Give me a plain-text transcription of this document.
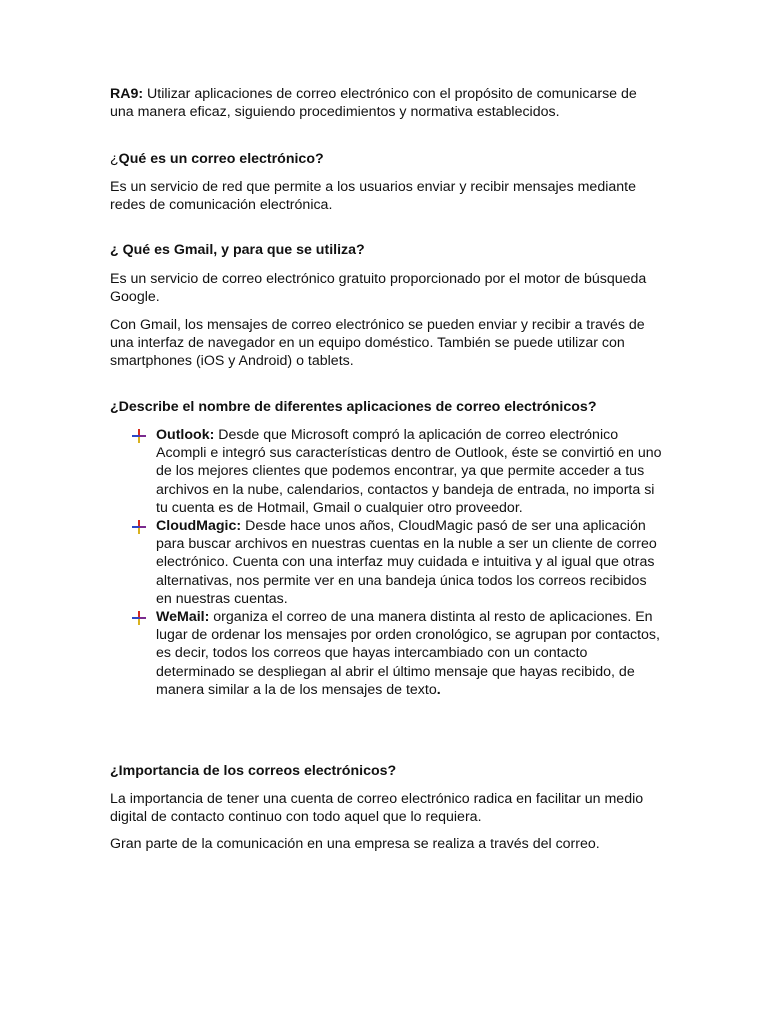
RA9: Utilizar aplicaciones de correo electrónico con el propósito de comunicarse de una manera eficaz, siguiendo procedimientos y normativa establecidos.

¿Qué es un correo electrónico?

Es un servicio de red que permite a los usuarios enviar y recibir mensajes mediante redes de comunicación electrónica.

¿ Qué es Gmail, y para que se utiliza?

Es un servicio de correo electrónico gratuito proporcionado por el motor de búsqueda Google.

Con Gmail, los mensajes de correo electrónico se pueden enviar y recibir a través de una interfaz de navegador en un equipo doméstico. También se puede utilizar con smartphones (iOS y Android) o tablets.

¿Describe el nombre de diferentes aplicaciones de correo electrónicos?

Outlook: Desde que Microsoft compró la aplicación de correo electrónico Acompli e integró sus características dentro de Outlook, éste se convirtió en uno de los mejores clientes que podemos encontrar, ya que permite acceder a tus archivos en la nube, calendarios, contactos y bandeja de entrada, no importa si tu cuenta es de Hotmail, Gmail o cualquier otro proveedor.
CloudMagic: Desde hace unos años, CloudMagic pasó de ser una aplicación para buscar archivos en nuestras cuentas en la nuble a ser un cliente de correo electrónico. Cuenta con una interfaz muy cuidada e intuitiva y al igual que otras alternativas, nos permite ver en una bandeja única todos los correos recibidos en nuestras cuentas.
WeMail: organiza el correo de una manera distinta al resto de aplicaciones. En lugar de ordenar los mensajes por orden cronológico, se agrupan por contactos, es decir, todos los correos que hayas intercambiado con un contacto determinado se despliegan al abrir el último mensaje que hayas recibido, de manera similar a la de los mensajes de texto.

¿Importancia de los correos electrónicos?

La importancia de tener una cuenta de correo electrónico radica en facilitar un medio digital de contacto continuo con todo aquel que lo requiera.

Gran parte de la comunicación en una empresa se realiza a través del correo.
